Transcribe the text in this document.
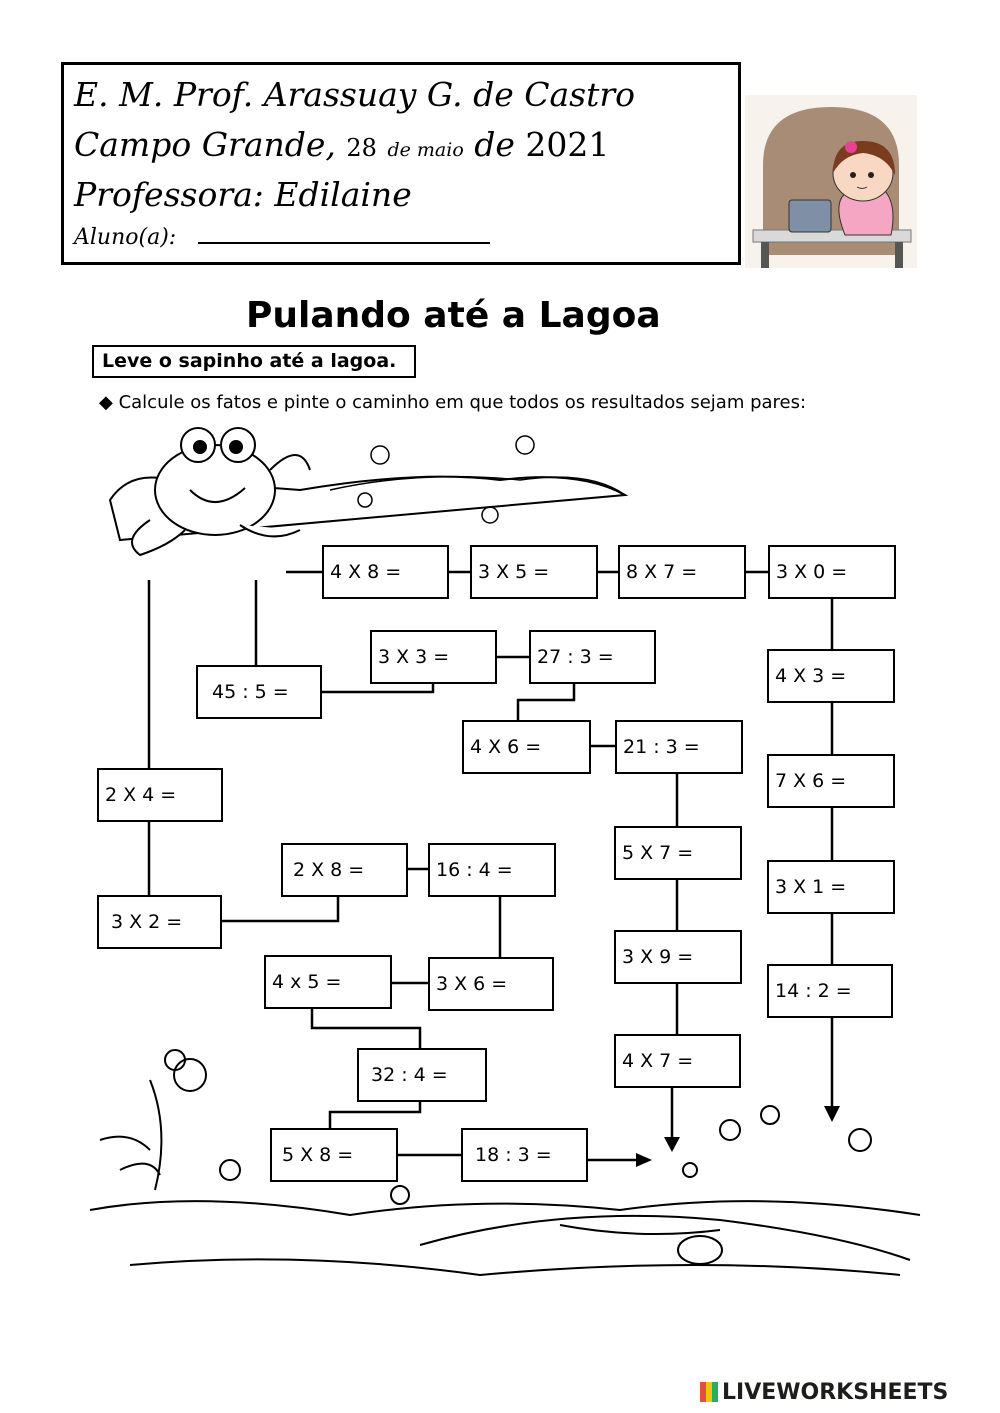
E. M. Prof. Arassuay G. de Castro
Campo Grande, 28 de maio de 2021
Professora: Edilaine
Aluno(a):
Pulando até a Lagoa
Leve o sapinho até a lagoa.
◆ Calcule os fatos e pinte o caminho em que todos os resultados sejam pares:
4 X 8 =	3 X 5 =	8 X 7 =	3 X 0 =
3 X 3 =	27 : 3 =
45 : 5 =
4 X 3 =
4 X 6 =	21 : 3 =
2 X 4 =
7 X 6 =
2 X 8 =	16 : 4 =
5 X 7 =
3 X 1 =
3 X 2 =
3 X 9 =
4 x 5 =	3 X 6 =	14 : 2 =
32 : 4 =
4 X 7 =
5 X 8 =	18 : 3 =
LIVEWORKSHEETS
